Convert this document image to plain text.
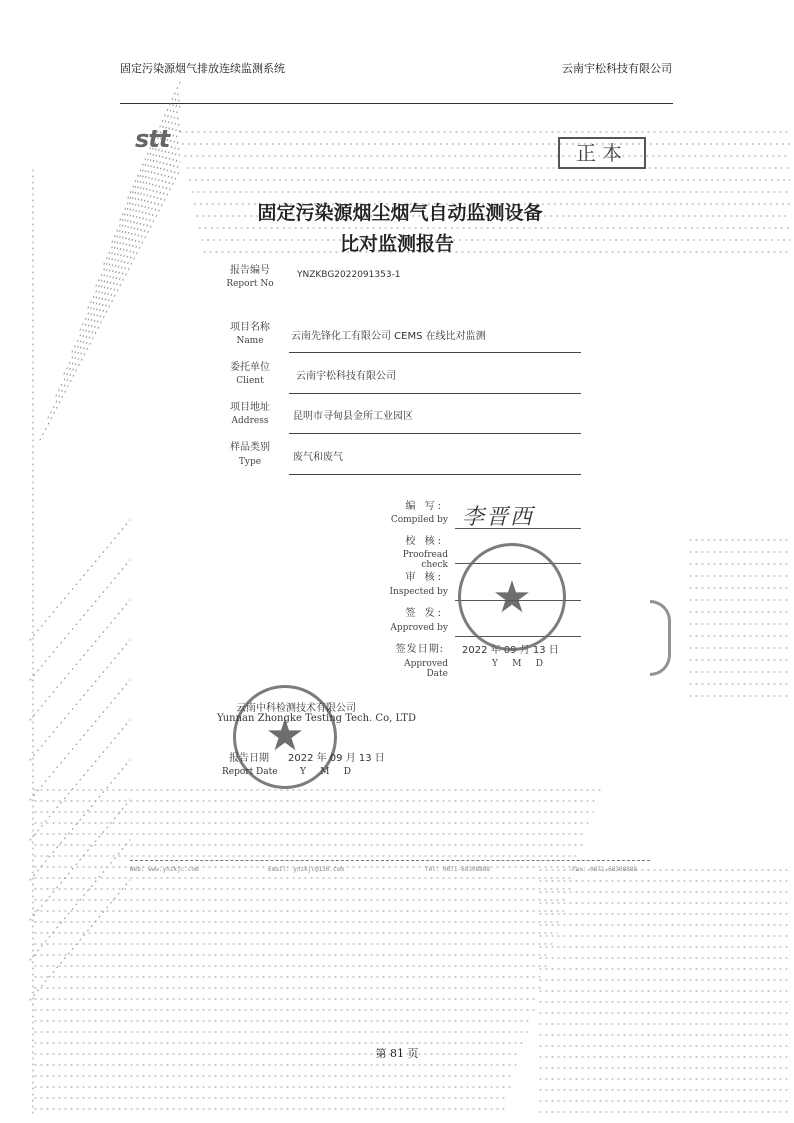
固定污染源烟气排放连续监测系统	云南宇松科技有限公司
stt	正本
固定污染源烟尘烟气自动监测设备
比对监测报告
报告编号
Report No
YNZKBG2022091353-1
项目名称
Name	云南先锋化工有限公司 CEMS 在线比对监测
委托单位
Client	云南宇松科技有限公司
项目地址
Address	昆明市寻甸县金所工业园区
样品类别
Type	废气和废气
编 写:
Compiled by 李晋西
校 核:
Proofread check
审 核:
Inspected by
签 发:
Approved by
签发日期:
Approved Date
2022 年 09 月 13 日
Y     M     D
★
★
云南中科检测技术有限公司
Yunnan Zhongke Testing Tech. Co, LTD
报告日期
Report Date
2022 年 09 月 13 日
Y     M     D
Web: www.ynzkjc.com	Email: ynzkjc@126.com	Tel: 0871-68308888	Fax: 0871-68308888
第 81 页
